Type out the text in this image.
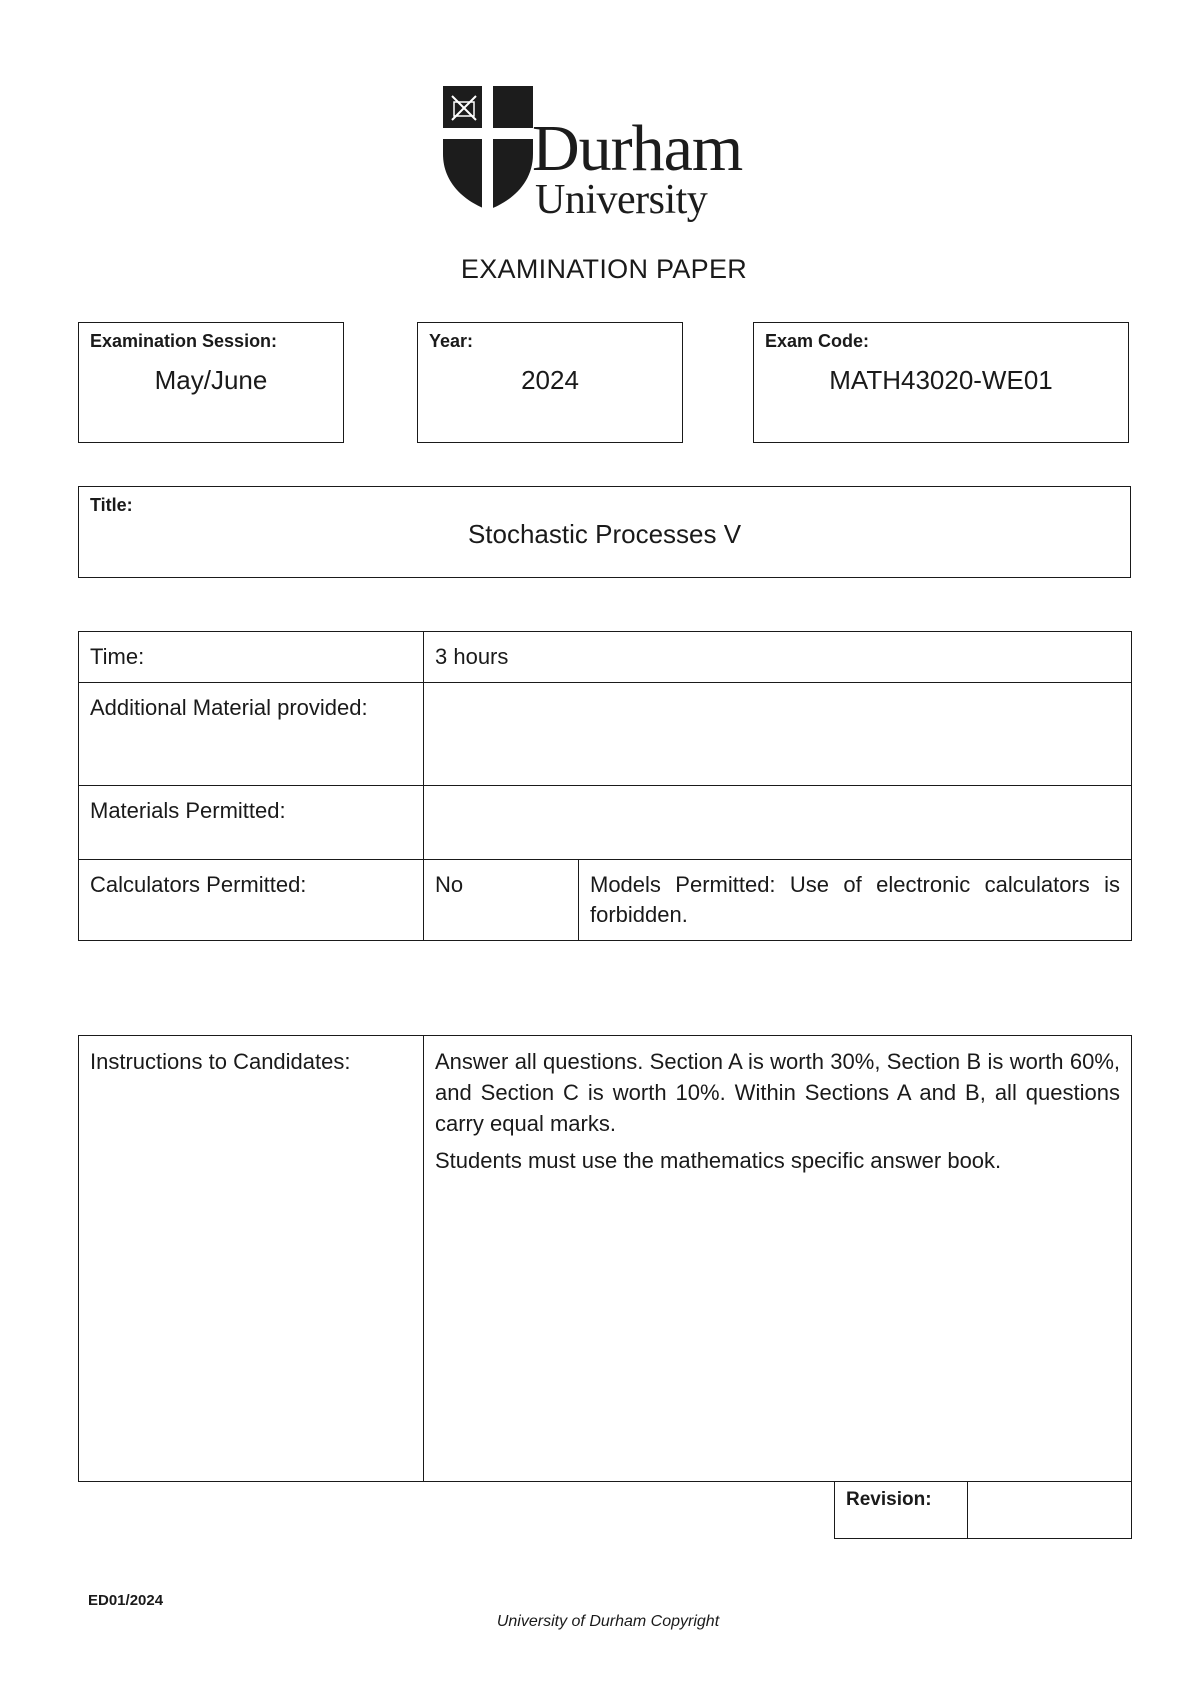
Durham
University
EXAMINATION PAPER
Examination Session:
May/June
Year:
2024
Exam Code:
MATH43020-WE01
Title:
Stochastic Processes V
Time:	3 hours	
Additional Material provided:		
Materials Permitted:		
Calculators Permitted:	No	Models Permitted: Use of electronic calculators is forbidden.

Instructions to Candidates:	Answer all questions. Section A is worth 30%, Section B is worth 60%, and Section C is worth 10%. Within Sections A and B, all questions carry equal marks.

Students must use the mathematics specific answer book.

Revision:	
ED01/2024
University of Durham Copyright
